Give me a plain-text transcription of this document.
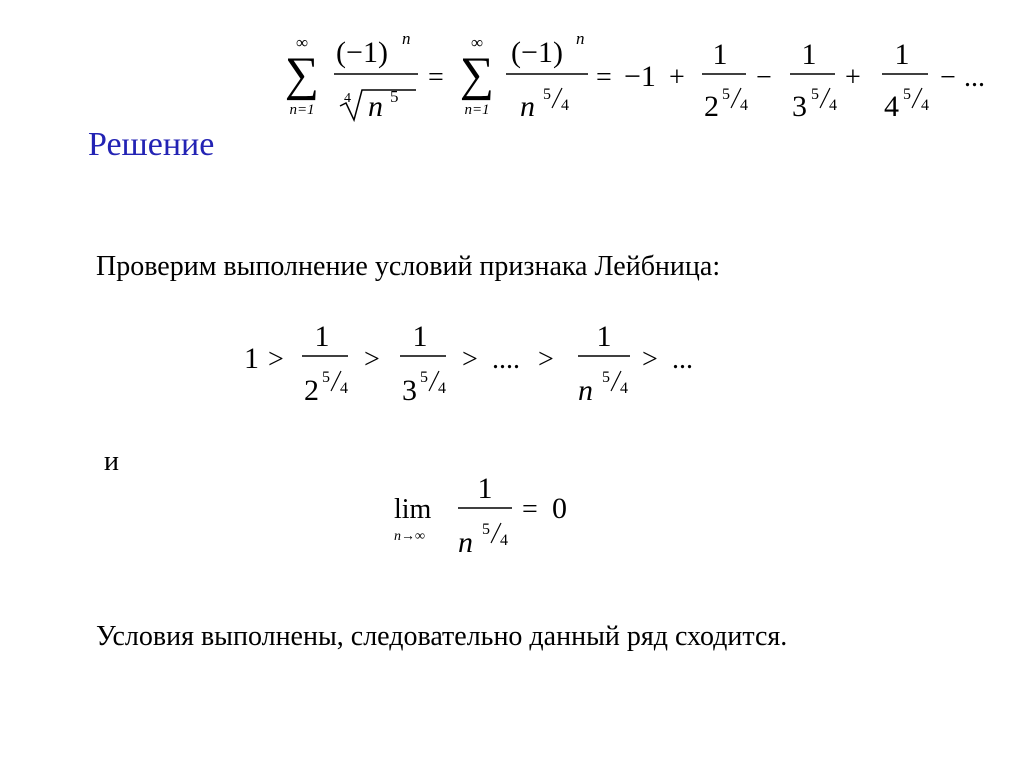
∞
∑
n=1
(−1) n
4 n 5
=
∞
∑
n=1
(−1) n
n 5
4
= −1 +
1
2 5
4
−
1
3 5
4
+
1
4 5
4
− ...
Решение
Проверим выполнение условий признака Лейбница:
1 >
1
2 5
4
>
1
3 5
4
> .... >
1
n 5
4
> ...
и
lim
n→∞
1
n 5
4
= 0
Условия выполнены, следовательно данный ряд сходится.
